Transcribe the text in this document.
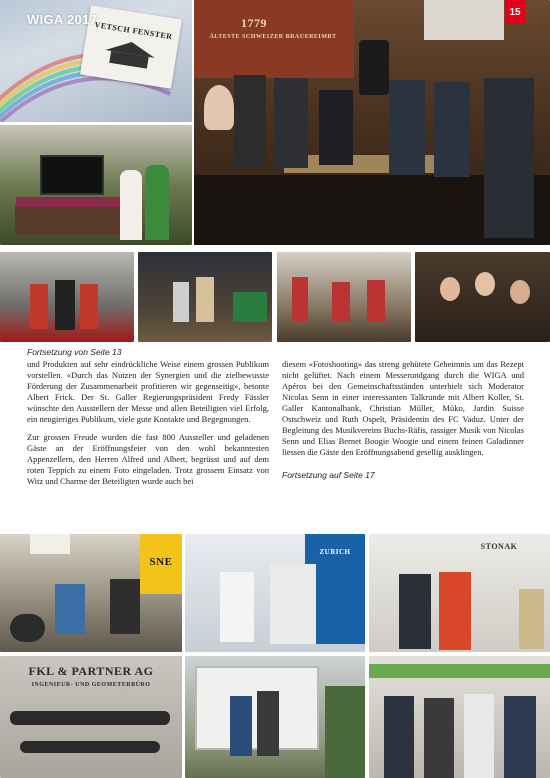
VETSCH FENSTER
WIGA 2017	1779
ÄLTESTE SCHWEIZER BRAUEREIMRT
15
Fortsetzung von Seite 13

und Produkten auf sehr eindrückliche Weise einem grossen Publikum vorstellen. «Durch das Nutzen der Synergien und die zielbewusste Förderung der Zusammenarbeit profitieren wir gegenseitig», betonte Albert Frick. Der St. Galler Regierungspräsident Fredy Fässler wünschte den Ausstellern der Messe und allen Beteiligten viel Erfolg, ein neugieriges Publikum, viele gute Kontakte und Begegnungen.

Zur grossen Freude wurden die fast 800 Aussteller und geladenen Gäste an der Eröffnungsfeier von den wohl bekanntesten Appenzellern, den Herren Alfred und Albert, begrüsst und auf dem roten Teppich zu einem Foto eingeladen. Trotz grossem Einsatz von Witz und Charme der Beteiligten wurde auch bei

diesem «Fotoshooting» das streng gehütete Geheimnis um das Rezept nicht gelüftet. Nach einem Messerundgang durch die WIGA und Apéros bei den Gemeinschaftsständen unterhielt sich Moderator Nicolas Senn in einer interessanten Talkrunde mit Albert Koller, St. Galler Kantonalbank, Christian Müller, Müko, Jardin Suisse Ostschweiz und Ruth Ospelt, Präsidentin des FC Vaduz. Unter der Begleitung des Musikvereins Buchs-Räfis, rassiger Musik von Nicolas Senn und Elias Bernet Boogie Woogie und einem feinen Galadinner liessen die Gäste den Eröffnungsabend gesellig ausklingen.

Fortsetzung auf Seite 17
SNE
ZURICH
STONAK
FKL & PARTNER AG
INGENIEUR- UND GEOMETERBÜRO
